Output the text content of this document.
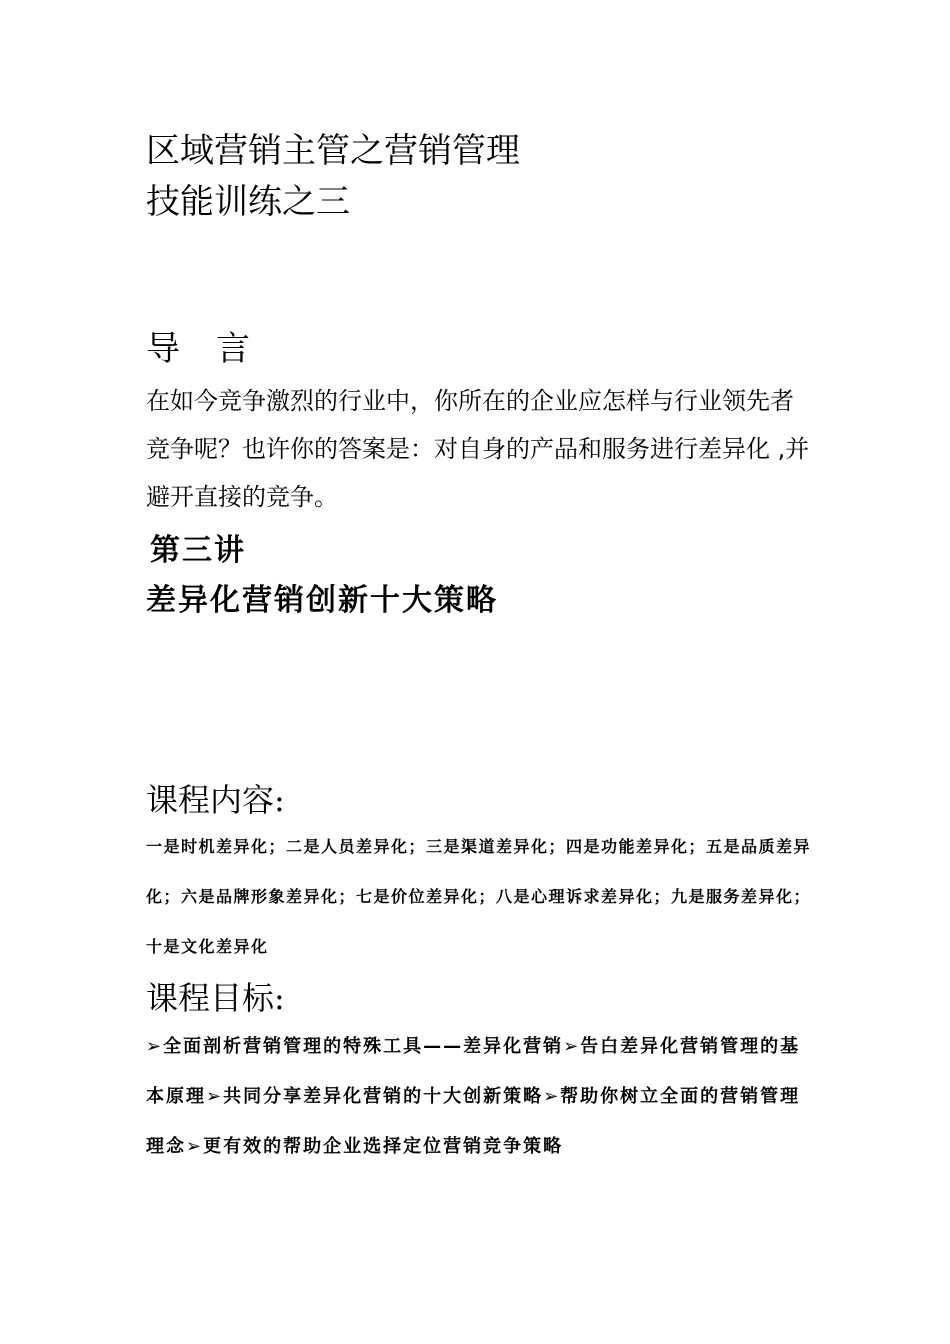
区域营销主管之营销管理
技能训练之三
导 言
在如今竞争激烈的行业中，你所在的企业应怎样与行业领先者竞争呢？也许你的答案是：对自身的产品和服务进行差异化 ,并避开直接的竞争。
第三讲
差异化营销创新十大策略
课程内容:
一是时机差异化；二是人员差异化；三是渠道差异化；四是功能差异化；五是品质差异化；六是品牌形象差异化；七是价位差异化；八是心理诉求差异化；九是服务差异化；十是文化差异化
课程目标:
➢全面剖析营销管理的特殊工具——差异化营销➢告白差异化营销管理的基本原理➢共同分享差异化营销的十大创新策略➢帮助你树立全面的营销管理理念➢更有效的帮助企业选择定位营销竞争策略
